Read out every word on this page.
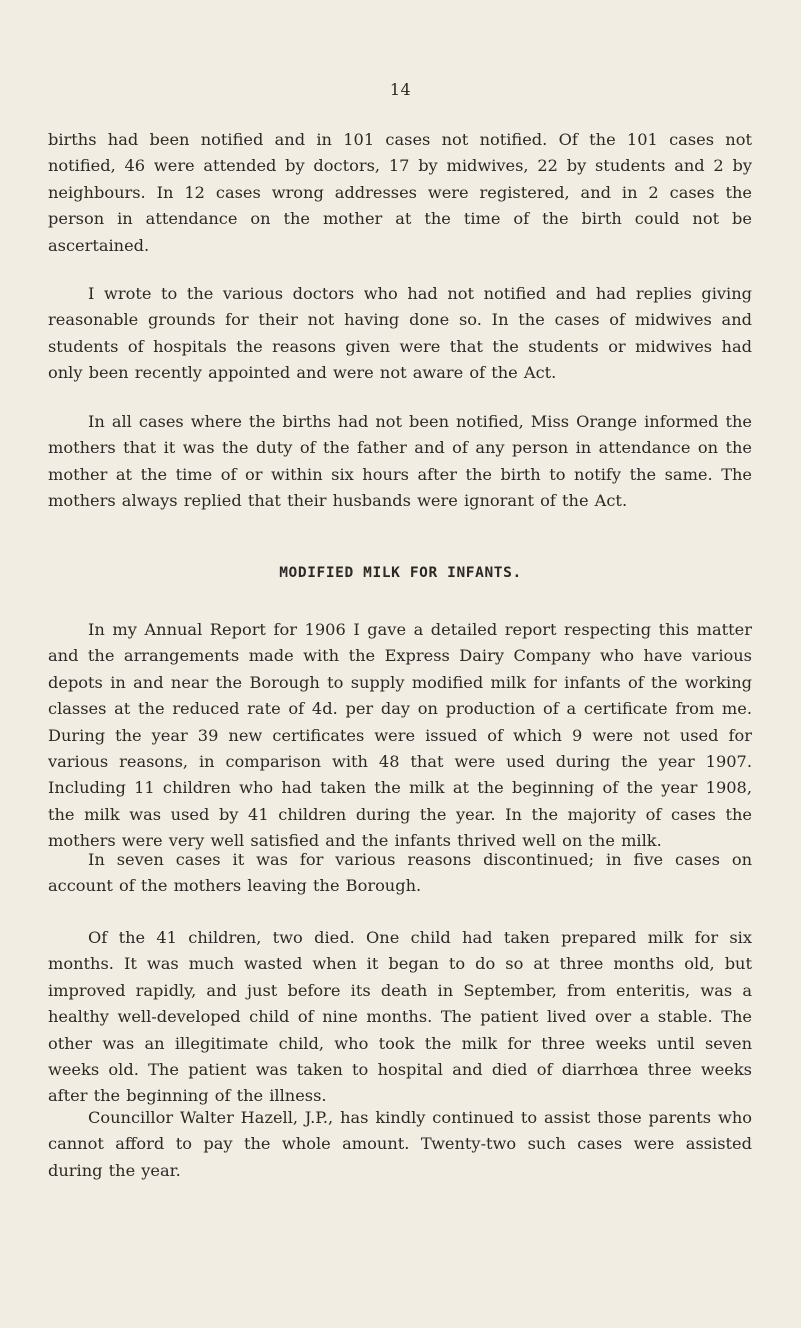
14

births had been notified and in 101 cases not notified. Of the 101 cases not notified, 46 were attended by doctors, 17 by midwives, 22 by students and 2 by neighbours. In 12 cases wrong addresses were registered, and in 2 cases the person in attendance on the mother at the time of the birth could not be ascertained.

I wrote to the various doctors who had not notified and had replies giving reasonable grounds for their not having done so. In the cases of midwives and students of hospitals the reasons given were that the students or midwives had only been recently appointed and were not aware of the Act.

In all cases where the births had not been notified, Miss Orange informed the mothers that it was the duty of the father and of any person in attendance on the mother at the time of or within six hours after the birth to notify the same. The mothers always replied that their husbands were ignorant of the Act.

MODIFIED MILK FOR INFANTS.

In my Annual Report for 1906 I gave a detailed report respecting this matter and the arrangements made with the Express Dairy Company who have various depots in and near the Borough to supply modified milk for infants of the working classes at the reduced rate of 4d. per day on production of a certificate from me. During the year 39 new certificates were issued of which 9 were not used for various reasons, in comparison with 48 that were used during the year 1907. Including 11 children who had taken the milk at the beginning of the year 1908, the milk was used by 41 children during the year. In the majority of cases the mothers were very well satisfied and the infants thrived well on the milk.

In seven cases it was for various reasons discontinued; in five cases on account of the mothers leaving the Borough.

Of the 41 children, two died. One child had taken prepared milk for six months. It was much wasted when it began to do so at three months old, but improved rapidly, and just before its death in September, from enteritis, was a healthy well-developed child of nine months. The patient lived over a stable. The other was an illegitimate child, who took the milk for three weeks until seven weeks old. The patient was taken to hospital and died of diarrhœa three weeks after the beginning of the illness.

Councillor Walter Hazell, J.P., has kindly continued to assist those parents who cannot afford to pay the whole amount. Twenty-two such cases were assisted during the year.
